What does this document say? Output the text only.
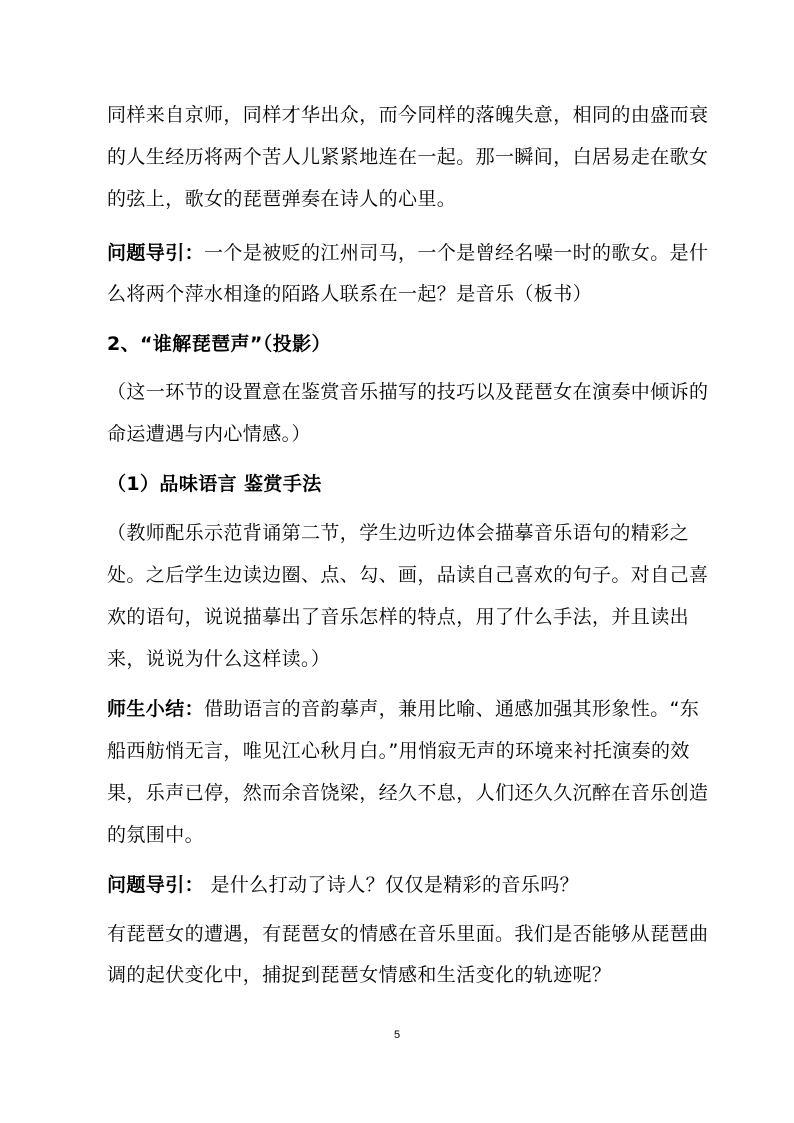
同样来自京师，同样才华出众，而今同样的落魄失意，相同的由盛而衰
的人生经历将两个苦人儿紧紧地连在一起。那一瞬间，白居易走在歌女
的弦上，歌女的琵琶弹奏在诗人的心里。
问题导引：一个是被贬的江州司马，一个是曾经名噪一时的歌女。是什
么将两个萍水相逢的陌路人联系在一起？是音乐（板书）
2、“谁解琵琶声”（投影）
（这一环节的设置意在鉴赏音乐描写的技巧以及琵琶女在演奏中倾诉的
命运遭遇与内心情感。）
（1）品味语言 鉴赏手法
（教师配乐示范背诵第二节，学生边听边体会描摹音乐语句的精彩之
处。之后学生边读边圈、点、勾、画，品读自己喜欢的句子。对自己喜
欢的语句，说说描摹出了音乐怎样的特点，用了什么手法，并且读出
来，说说为什么这样读。）
师生小结：借助语言的音韵摹声，兼用比喻、通感加强其形象性。“东
船西舫悄无言，唯见江心秋月白。”用悄寂无声的环境来衬托演奏的效
果，乐声已停，然而余音饶梁，经久不息，人们还久久沉醉在音乐创造
的氛围中。
问题导引： 是什么打动了诗人？仅仅是精彩的音乐吗？
有琵琶女的遭遇，有琵琶女的情感在音乐里面。我们是否能够从琵琶曲
调的起伏变化中，捕捉到琵琶女情感和生活变化的轨迹呢？
5
